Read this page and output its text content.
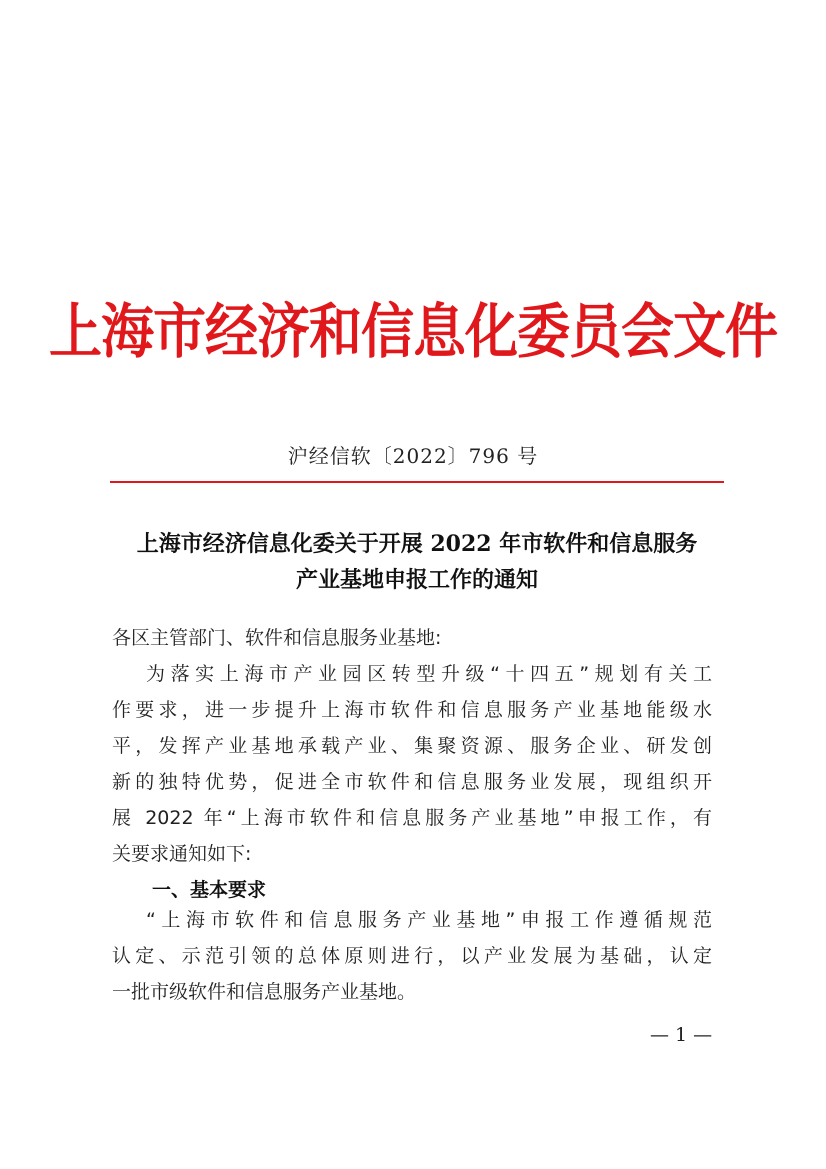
上海市经济和信息化委员会文件
沪经信软〔2022〕796 号
上海市经济信息化委关于开展 2022 年市软件和信息服务
产业基地申报工作的通知
各区主管部门、软件和信息服务业基地:
为落实上海市产业园区转型升级“十四五”规划有关工
作要求，进一步提升上海市软件和信息服务产业基地能级水
平，发挥产业基地承载产业、集聚资源、服务企业、研发创
新的独特优势，促进全市软件和信息服务业发展，现组织开
展 2022 年“上海市软件和信息服务产业基地”申报工作，有
关要求通知如下:
一、基本要求
“上海市软件和信息服务产业基地”申报工作遵循规范
认定、示范引领的总体原则进行，以产业发展为基础，认定
一批市级软件和信息服务产业基地。
— 1 —
